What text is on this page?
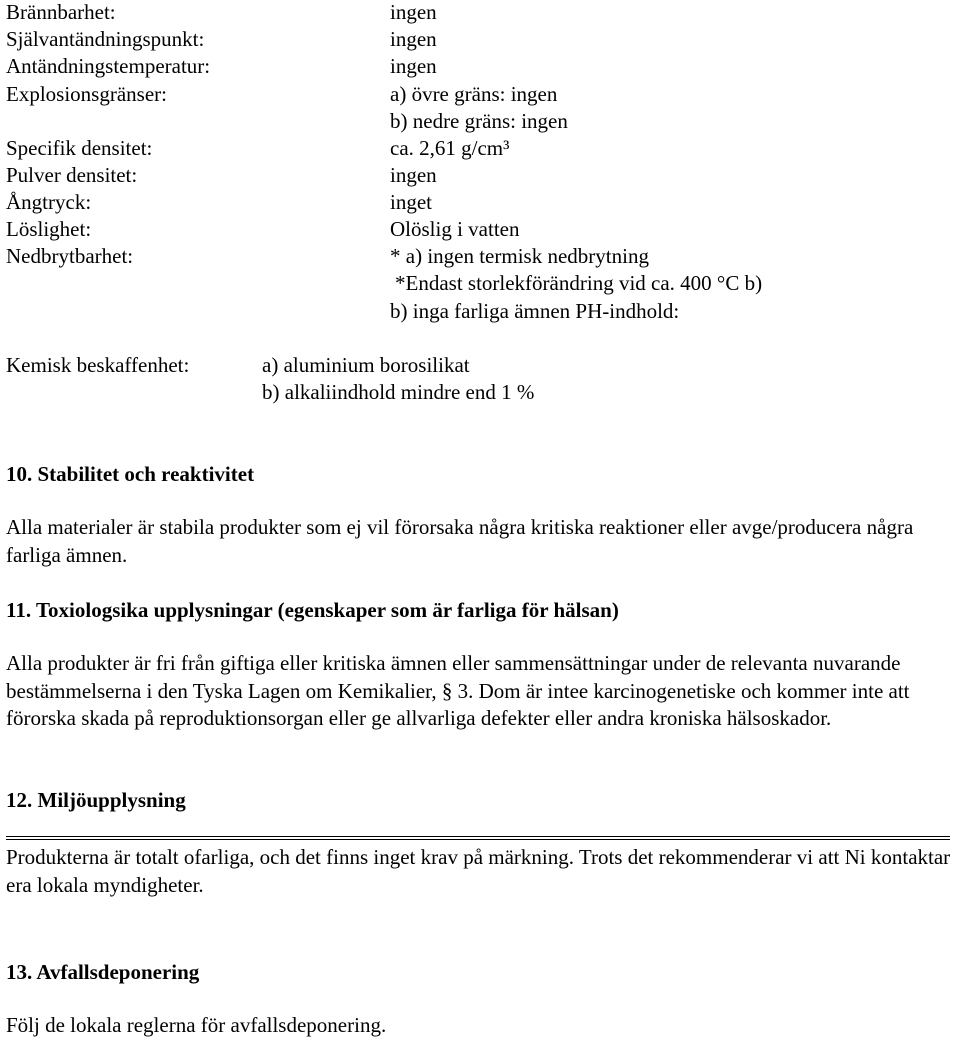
Brännbarhet:	ingen
Självantändningspunkt:	ingen
Antändningstemperatur:	ingen
Explosionsgränser:	a) övre gräns: ingen
b) nedre gräns: ingen
Specifik densitet:	ca. 2,61 g/cm³
Pulver densitet:	ingen
Ångtryck:	inget
Löslighet:	Olöslig i vatten
Nedbrytbarhet:	* a) ingen termisk nedbrytning
*Endast storlekförändring vid ca. 400 °C b)
b) inga farliga ämnen PH-indhold:
Kemisk beskaffenhet:	a) aluminium borosilikat
b) alkaliindhold mindre end 1 %
10. Stabilitet och reaktivitet
Alla materialer är stabila produkter som ej vil förorsaka några kritiska reaktioner eller avge/producera några farliga ämnen.
11. Toxiologsika upplysningar (egenskaper som är farliga för hälsan)
Alla produkter är fri från giftiga eller kritiska ämnen eller sammensättningar under de relevanta nuvarande bestämmelserna i den Tyska Lagen om Kemikalier, § 3. Dom är intee karcinogenetiske och kommer inte att förorska skada på reproduktionsorgan eller ge allvarliga defekter eller andra kroniska hälsoskador.
12. Miljöupplysning
Produkterna är totalt ofarliga, och det finns inget krav på märkning. Trots det rekommenderar vi att Ni kontaktar era lokala myndigheter.
13. Avfallsdeponering
Följ de lokala reglerna för avfallsdeponering.
